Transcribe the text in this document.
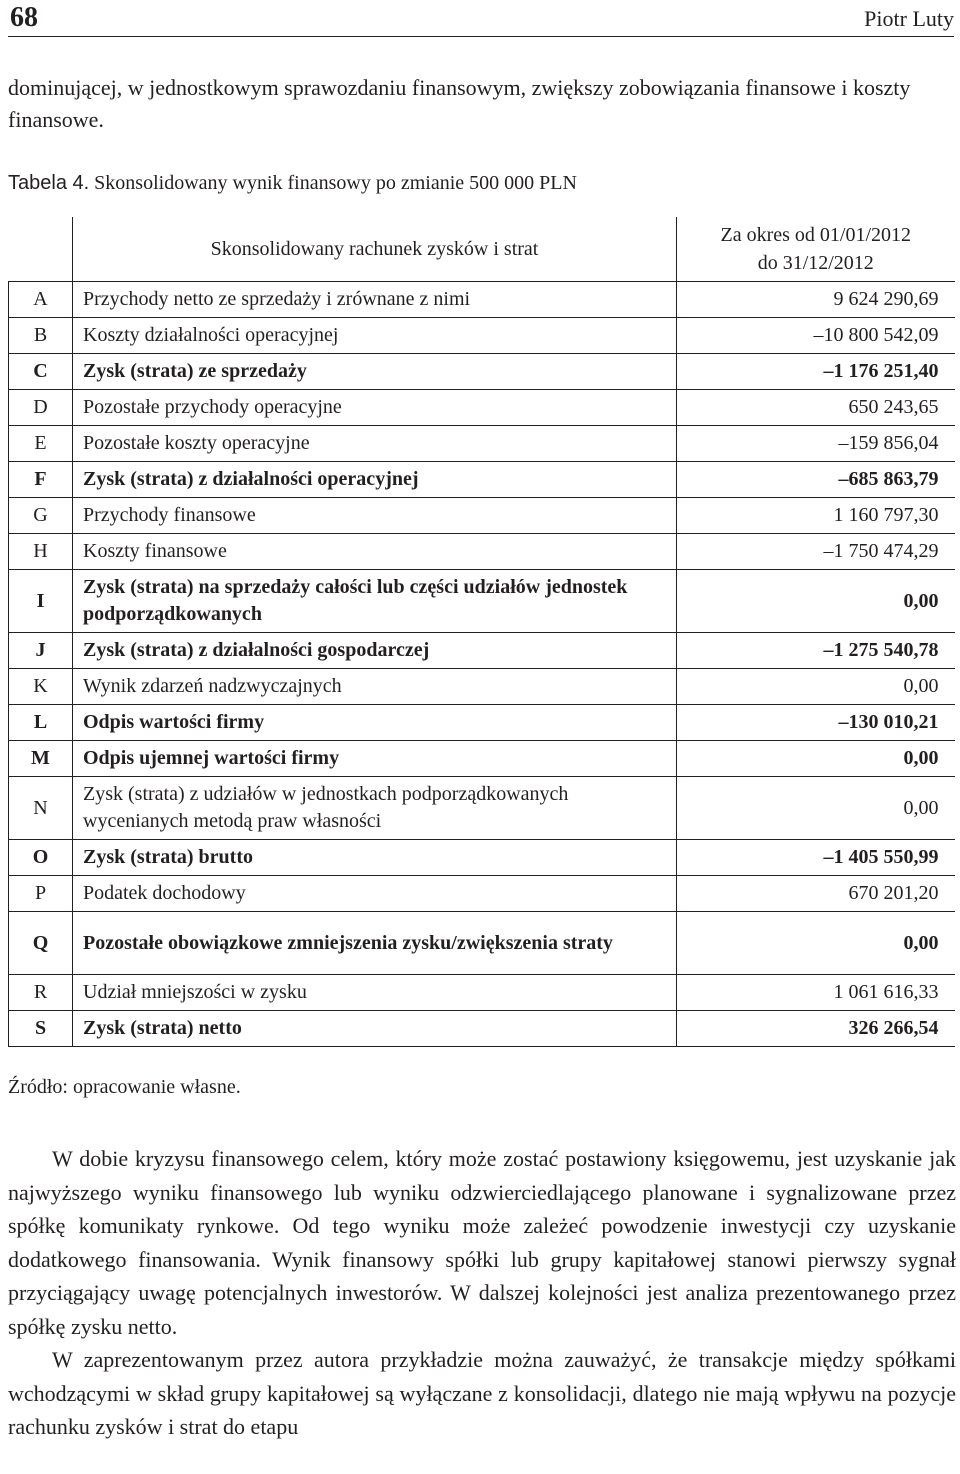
68	Piotr Luty
dominującej, w jednostkowym sprawozdaniu finansowym, zwiększy zobowiązania finansowe i koszty finansowe.
Tabela 4. Skonsolidowany wynik finansowy po zmianie 500 000 PLN
	Skonsolidowany rachunek zysków i strat	Za okres od 01/01/2012
do 31/12/2012
A	Przychody netto ze sprzedaży i zrównane z nimi	9 624 290,69
B	Koszty działalności operacyjnej	–10 800 542,09
C	Zysk (strata) ze sprzedaży	–1 176 251,40
D	Pozostałe przychody operacyjne	650 243,65
E	Pozostałe koszty operacyjne	–159 856,04
F	Zysk (strata) z działalności operacyjnej	–685 863,79
G	Przychody finansowe	1 160 797,30
H	Koszty finansowe	–1 750 474,29
I	Zysk (strata) na sprzedaży całości lub części udziałów jednostek podporządkowanych	0,00
J	Zysk (strata) z działalności gospodarczej	–1 275 540,78
K	Wynik zdarzeń nadzwyczajnych	0,00
L	Odpis wartości firmy	–130 010,21
M	Odpis ujemnej wartości firmy	0,00
N	Zysk (strata) z udziałów w jednostkach podporządkowanych wycenianych metodą praw własności	0,00
O	Zysk (strata) brutto	–1 405 550,99
P	Podatek dochodowy	670 201,20
Q	Pozostałe obowiązkowe zmniejszenia zysku/zwiększenia straty	0,00
R	Udział mniejszości w zysku	1 061 616,33
S	Zysk (strata) netto	326 266,54
Źródło: opracowanie własne.

W dobie kryzysu finansowego celem, który może zostać postawiony księgowemu, jest uzyskanie jak najwyższego wyniku finansowego lub wyniku odzwierciedlającego planowane i sygnalizowane przez spółkę komunikaty rynkowe. Od tego wyniku może zależeć powodzenie inwestycji czy uzyskanie dodatkowego finansowania. Wynik finansowy spółki lub grupy kapitałowej stanowi pierwszy sygnał przyciągający uwagę potencjalnych inwestorów. W dalszej kolejności jest analiza prezentowanego przez spółkę zysku netto.

W zaprezentowanym przez autora przykładzie można zauważyć, że transakcje między spółkami wchodzącymi w skład grupy kapitałowej są wyłączane z konsolidacji, dlatego nie mają wpływu na pozycje rachunku zysków i strat do etapu
